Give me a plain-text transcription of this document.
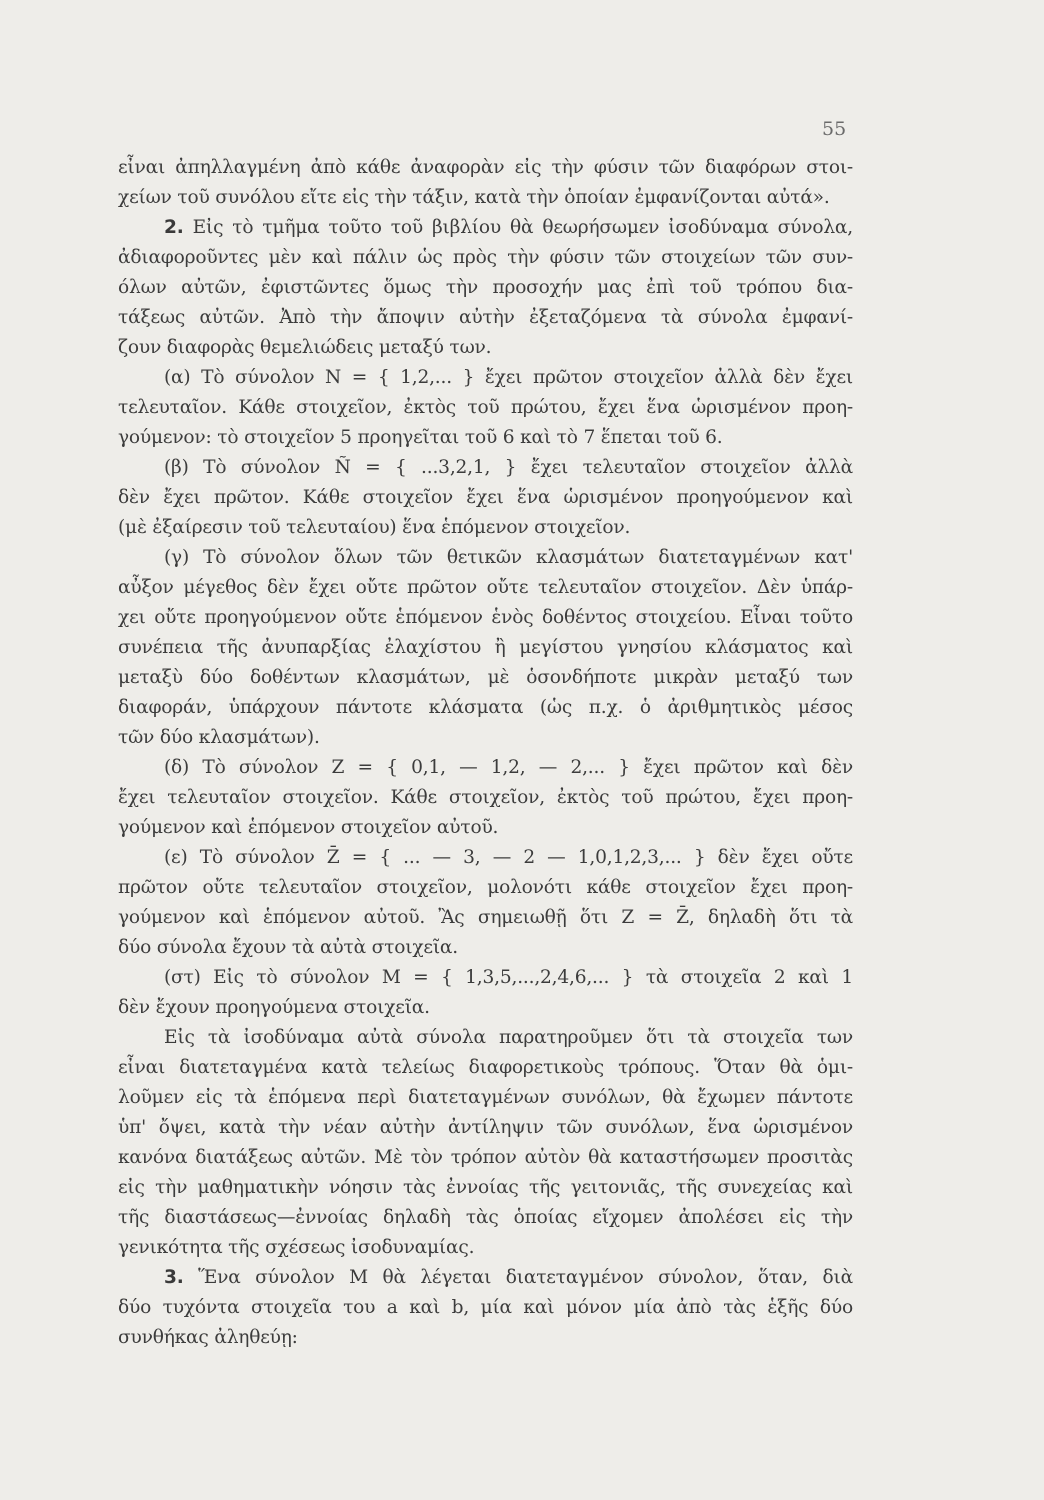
55
εἶναι ἀπηλλαγμένη ἀπὸ κάθε ἀναφορὰν εἰς τὴν φύσιν τῶν διαφόρων στοι-
χείων τοῦ συνόλου εἴτε εἰς τὴν τάξιν, κατὰ τὴν ὁποίαν ἐμφανίζονται αὐτά».
2. Εἰς τὸ τμῆμα τοῦτο τοῦ βιβλίου θὰ θεωρήσωμεν ἰσοδύναμα σύνολα,
ἀδιαφοροῦντες μὲν καὶ πάλιν ὡς πρὸς τὴν φύσιν τῶν στοιχείων τῶν συν-
όλων αὐτῶν, ἐφιστῶντες ὅμως τὴν προσοχήν μας ἐπὶ τοῦ τρόπου δια-
τάξεως αὐτῶν. Ἀπὸ τὴν ἄποψιν αὐτὴν ἐξεταζόμενα τὰ σύνολα ἐμφανί-
ζουν διαφορὰς θεμελιώδεις μεταξύ των.
(α) Τὸ σύνολον N = { 1,2,... } ἔχει πρῶτον στοιχεῖον ἀλλὰ δὲν ἔχει
τελευταῖον. Κάθε στοιχεῖον, ἐκτὸς τοῦ πρώτου, ἔχει ἕνα ὡρισμένον προη-
γούμενον: τὸ στοιχεῖον 5 προηγεῖται τοῦ 6 καὶ τὸ 7 ἕπεται τοῦ 6.
(β) Τὸ σύνολον Ñ = { ...3,2,1, } ἔχει τελευταῖον στοιχεῖον ἀλλὰ
δὲν ἔχει πρῶτον. Κάθε στοιχεῖον ἔχει ἕνα ὡρισμένον προηγούμενον καὶ
(μὲ ἐξαίρεσιν τοῦ τελευταίου) ἕνα ἑπόμενον στοιχεῖον.
(γ) Τὸ σύνολον ὅλων τῶν θετικῶν κλασμάτων διατεταγμένων κατ'
αὖξον μέγεθος δὲν ἔχει οὔτε πρῶτον οὔτε τελευταῖον στοιχεῖον. Δὲν ὑπάρ-
χει οὔτε προηγούμενον οὔτε ἑπόμενον ἑνὸς δοθέντος στοιχείου. Εἶναι τοῦτο
συνέπεια τῆς ἀνυπαρξίας ἐλαχίστου ἢ μεγίστου γνησίου κλάσματος καὶ
μεταξὺ δύο δοθέντων κλασμάτων, μὲ ὁσονδήποτε μικρὰν μεταξύ των
διαφοράν, ὑπάρχουν πάντοτε κλάσματα (ὡς π.χ. ὁ ἀριθμητικὸς μέσος
τῶν δύο κλασμάτων).
(δ) Τὸ σύνολον Z = { 0,1, — 1,2, — 2,... } ἔχει πρῶτον καὶ δὲν
ἔχει τελευταῖον στοιχεῖον. Κάθε στοιχεῖον, ἐκτὸς τοῦ πρώτου, ἔχει προη-
γούμενον καὶ ἑπόμενον στοιχεῖον αὐτοῦ.
(ε) Τὸ σύνολον Z̄ = { ... — 3, — 2 — 1,0,1,2,3,... } δὲν ἔχει οὔτε
πρῶτον οὔτε τελευταῖον στοιχεῖον, μολονότι κάθε στοιχεῖον ἔχει προη-
γούμενον καὶ ἑπόμενον αὐτοῦ. Ἂς σημειωθῇ ὅτι Z = Z̄, δηλαδὴ ὅτι τὰ
δύο σύνολα ἔχουν τὰ αὐτὰ στοιχεῖα.
(στ) Εἰς τὸ σύνολον M = { 1,3,5,...,2,4,6,... } τὰ στοιχεῖα 2 καὶ 1
δὲν ἔχουν προηγούμενα στοιχεῖα.
Εἰς τὰ ἰσοδύναμα αὐτὰ σύνολα παρατηροῦμεν ὅτι τὰ στοιχεῖα των
εἶναι διατεταγμένα κατὰ τελείως διαφορετικοὺς τρόπους. Ὅταν θὰ ὁμι-
λοῦμεν εἰς τὰ ἑπόμενα περὶ διατεταγμένων συνόλων, θὰ ἔχωμεν πάντοτε
ὑπ' ὄψει, κατὰ τὴν νέαν αὐτὴν ἀντίληψιν τῶν συνόλων, ἕνα ὡρισμένον
κανόνα διατάξεως αὐτῶν. Μὲ τὸν τρόπον αὐτὸν θὰ καταστήσωμεν προσιτὰς
εἰς τὴν μαθηματικὴν νόησιν τὰς ἐννοίας τῆς γειτονιᾶς, τῆς συνεχείας καὶ
τῆς διαστάσεως—ἐννοίας δηλαδὴ τὰς ὁποίας εἴχομεν ἀπολέσει εἰς τὴν
γενικότητα τῆς σχέσεως ἰσοδυναμίας.
3. Ἕνα σύνολον M θὰ λέγεται διατεταγμένον σύνολον, ὅταν, διὰ
δύο τυχόντα στοιχεῖα του a καὶ b, μία καὶ μόνον μία ἀπὸ τὰς ἑξῆς δύο
συνθήκας ἀληθεύῃ:
